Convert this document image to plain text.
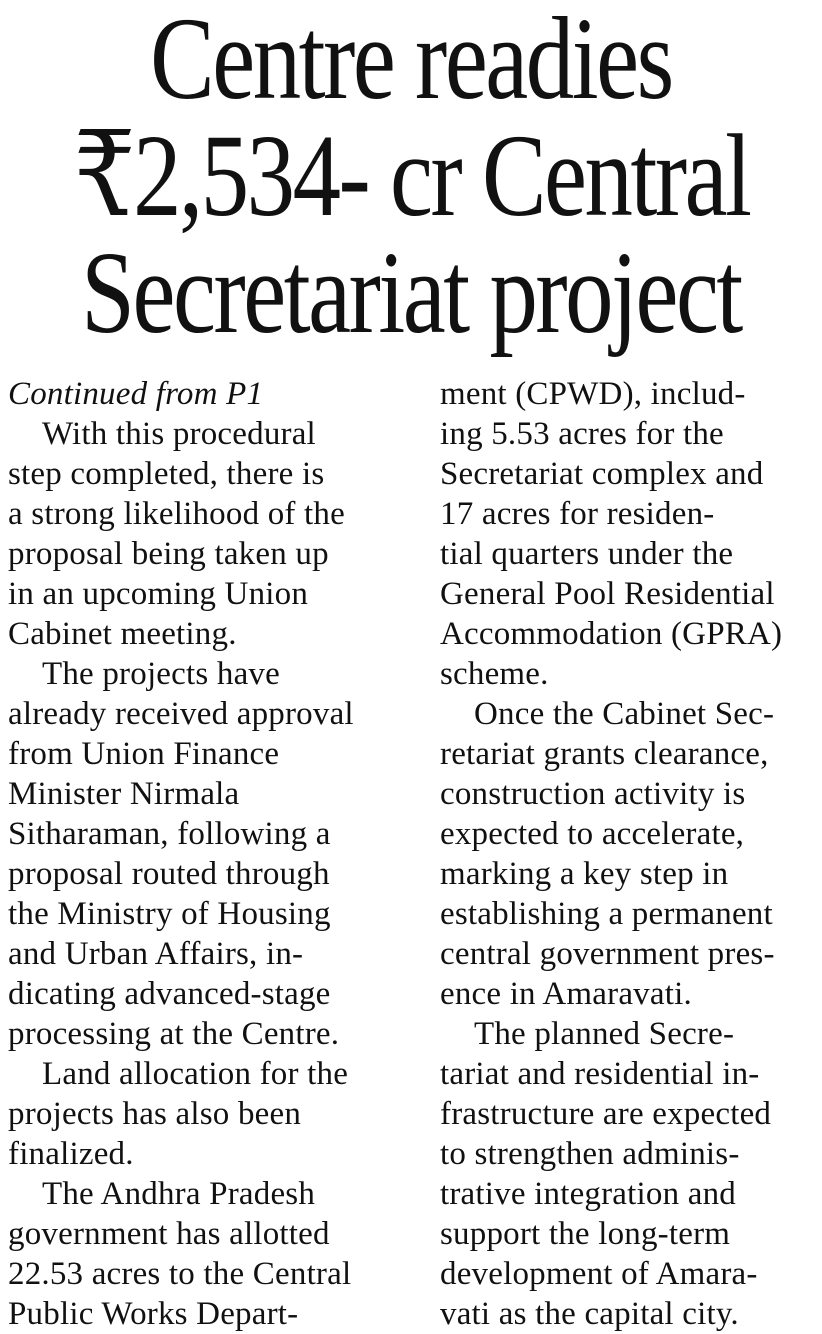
Centre readies
₹2,534- cr Central
Secretariat project
Continued from P1
With this procedural
step completed, there is
a strong likelihood of the
proposal being taken up
in an upcoming Union
Cabinet meeting.
The projects have
already received approval
from Union Finance
Minister Nirmala
Sitharaman, following a
proposal routed through
the Ministry of Housing
and Urban Affairs, in-
dicating advanced-stage
processing at the Centre.
Land allocation for the
projects has also been
finalized.
The Andhra Pradesh
government has allotted
22.53 acres to the Central
Public Works Depart-
ment (CPWD), includ-
ing 5.53 acres for the
Secretariat complex and
17 acres for residen-
tial quarters under the
General Pool Residential
Accommodation (GPRA)
scheme.
Once the Cabinet Sec-
retariat grants clearance,
construction activity is
expected to accelerate,
marking a key step in
establishing a permanent
central government pres-
ence in Amaravati.
The planned Secre-
tariat and residential in-
frastructure are expected
to strengthen adminis-
trative integration and
support the long-term
development of Amara-
vati as the capital city.
